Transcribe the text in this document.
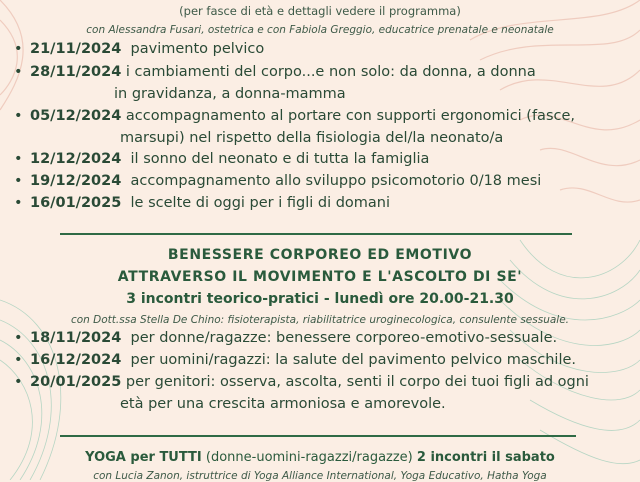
(per fasce di età e dettagli vedere il programma)
con Alessandra Fusari, ostetrica e con Fabiola Greggio, educatrice prenatale e neonatale
• 21/11/2024 pavimento pelvico
• 28/11/2024 i cambiamenti del corpo...e non solo: da donna, a donna
in gravidanza, a donna-mamma
• 05/12/2024 accompagnamento al portare con supporti ergonomici (fasce,
marsupi) nel rispetto della fisiologia del/la neonato/a
• 12/12/2024 il sonno del neonato e di tutta la famiglia
• 19/12/2024 accompagnamento allo sviluppo psicomotorio 0/18 mesi
• 16/01/2025 le scelte di oggi per i figli di domani
BENESSERE CORPOREO ED EMOTIVO
ATTRAVERSO IL MOVIMENTO E L'ASCOLTO DI SE'
3 incontri teorico-pratici - lunedì ore 20.00-21.30
con Dott.ssa Stella De Chino: fisioterapista, riabilitatrice uroginecologica, consulente sessuale.
• 18/11/2024 per donne/ragazze: benessere corporeo-emotivo-sessuale.
• 16/12/2024 per uomini/ragazzi: la salute del pavimento pelvico maschile.
• 20/01/2025 per genitori: osserva, ascolta, senti il corpo dei tuoi figli ad ogni
età per una crescita armoniosa e amorevole.
YOGA per TUTTI (donne-uomini-ragazzi/ragazze) 2 incontri il sabato
con Lucia Zanon, istruttrice di Yoga Alliance International, Yoga Educativo, Hatha Yoga
